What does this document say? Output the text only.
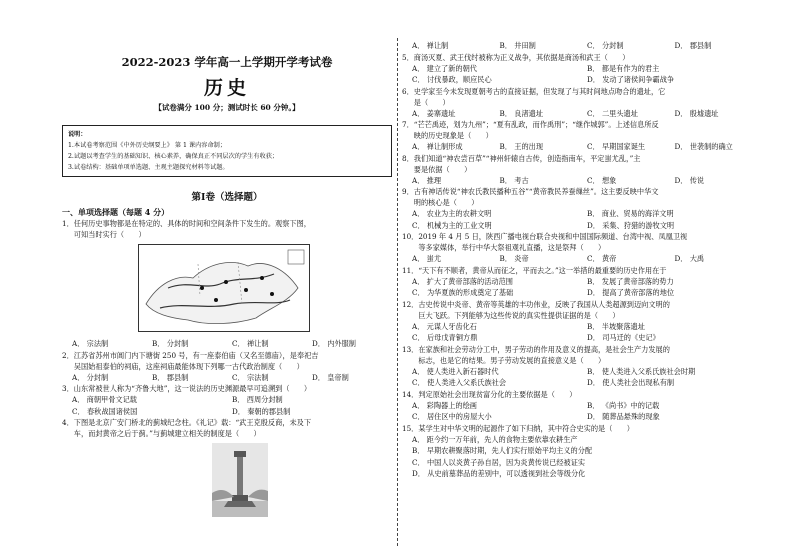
2022-2023 学年高一上学期开学考试卷
历史
【试卷满分 100 分；测试时长 60 分钟。】
说明：
1.本试卷考察范围《中外历史纲要上》 第 1 课内容命制；
2.试题以考查学生的基础知识、核心素养，确保真正不同层次的学生有收获；
3.试卷结构：基础单项单选题、主观主题探究材料等试题。
第Ⅰ卷（选择题）
一、单项选择题（每题 4 分）
1． 任何历史事物都是在特定的、具体的时间和空间条件下发生的。观察下图，
可知当时实行（　　）
A． 宗法制	B． 分封制	C． 禅让制	D． 内外服制
2． 江苏省苏州市阊门内下塘街 250 号，有一座泰伯庙（又名至德庙），是奉祀吉
吴国始祖泰伯的祠庙，这座祠庙最能体现下列哪一古代政治制度（　　）
A． 分封制	B． 郡县制	C． 宗法制	D． 皇帝制
3． 山东常被世人称为“齐鲁大地”，这一说法的历史渊源最早可追溯到（　　）
A． 商朝甲骨文记载	B． 西周分封制
C． 春秋战国诸侯国	D． 秦朝的郡县制
4． 下图是北京广安门桥北的蓟城纪念柱。《礼记》载：“武王克殷反商，未及下
车，而封黄帝之后于蓟。”与蓟城建立相关的制度是（　　）
A． 禅让制	B． 井田制	C． 分封制	D． 郡县制
5． 商汤灭夏、武王伐纣被称为正义战争，其依据是商汤和武王（　　）
A． 建立了新的朝代	B． 都是有作为的君主
C． 讨伐暴政，顺应民心	D． 发动了诸侯间争霸战争
6． 史学家至今未发现夏朝考古的直接证据，但发现了与其时间地点吻合的遗址，它
是（　　）
A． 姜寨遗址	B． 良渚遗址	C． 二里头遗址	D． 殷墟遗址
7． “芒芒禹迹，划为九州”；“夏有乱政，而作禹刑”；“继作城郭”。上述信息所反
映的历史现象是（　　）
A． 禅让制形成	B． 王的出现	C． 早期国家诞生	D． 世袭制的确立
8． 我们知道“神农尝百草”“神州轩辕自古传，创造指南车，平定蚩尤乱，”主
要是依据（　　）
A． 推理	B． 考古	C． 想象	D． 传说
9． 古有神话传说“神农氏教民播种五谷”“黄帝教民养蚕缫丝”。这主要反映中华文
明的核心是（　　）
A． 农业为主的农耕文明	B． 商业、贸易的海洋文明
C． 机械为主的工业文明	D． 采集、狩猎的游牧文明
10． 2019 年 4 月 5 日，陕西广播电视台联合央视和中国国际频道、台湾中视、凤凰卫视
等多家媒体，举行中华大祭祖观礼直播，这是祭拜（　　）
A． 蚩尤	B． 炎帝	C． 黄帝	D． 大禹
11． “天下有不顺者，黄帝从而征之，平而去之。”这一举措的最重要的历史作用在于
A． 扩大了黄帝部落的活动范围	B． 发展了黄帝部落的势力
C． 为华夏族的形成奠定了基础	D． 提高了黄帝部落的地位
12． 古史传说中炎帝、黄帝等英雄的丰功伟业，反映了我国从人类超源到迈向文明的
巨大飞跃。下列能够为这些传说的真实性提供证据的是（　　）
A． 元谋人牙齿化石	B． 半坡聚落遗址
C． 后母戊青铜方鼎	D． 司马迁的《史记》
13． 在家族和社会劳动分工中，男子劳动的作用及意义的提高，是社会生产力发展的
标志，也是它的结果。男子劳动发展的直接意义是（　　）
A． 使人类进入新石器时代	B． 使人类进入父系氏族社会时期
C． 使人类进入父系氏族社会	D． 使人类社会出现私有制
14． 判定原始社会出现贫富分化的主要依据是（　　）
A． 彩陶器上的绘画	B． 《尚书》中的记载
C． 居住区中的房屋大小	D． 随葬品悬殊的现象
15． 某学生对中华文明的起源作了如下归纳，其中符合史实的是（　　）
A． 距今约一万年前，先人的食物主要依靠农耕生产
B． 早期农耕聚落时期，先人们实行原始平均主义的分配
C． 中国人以炎黄子孙自居，因为炎黄传说已经被证实
D． 从史前墓葬品的差别中，可以透视到社会等级分化
